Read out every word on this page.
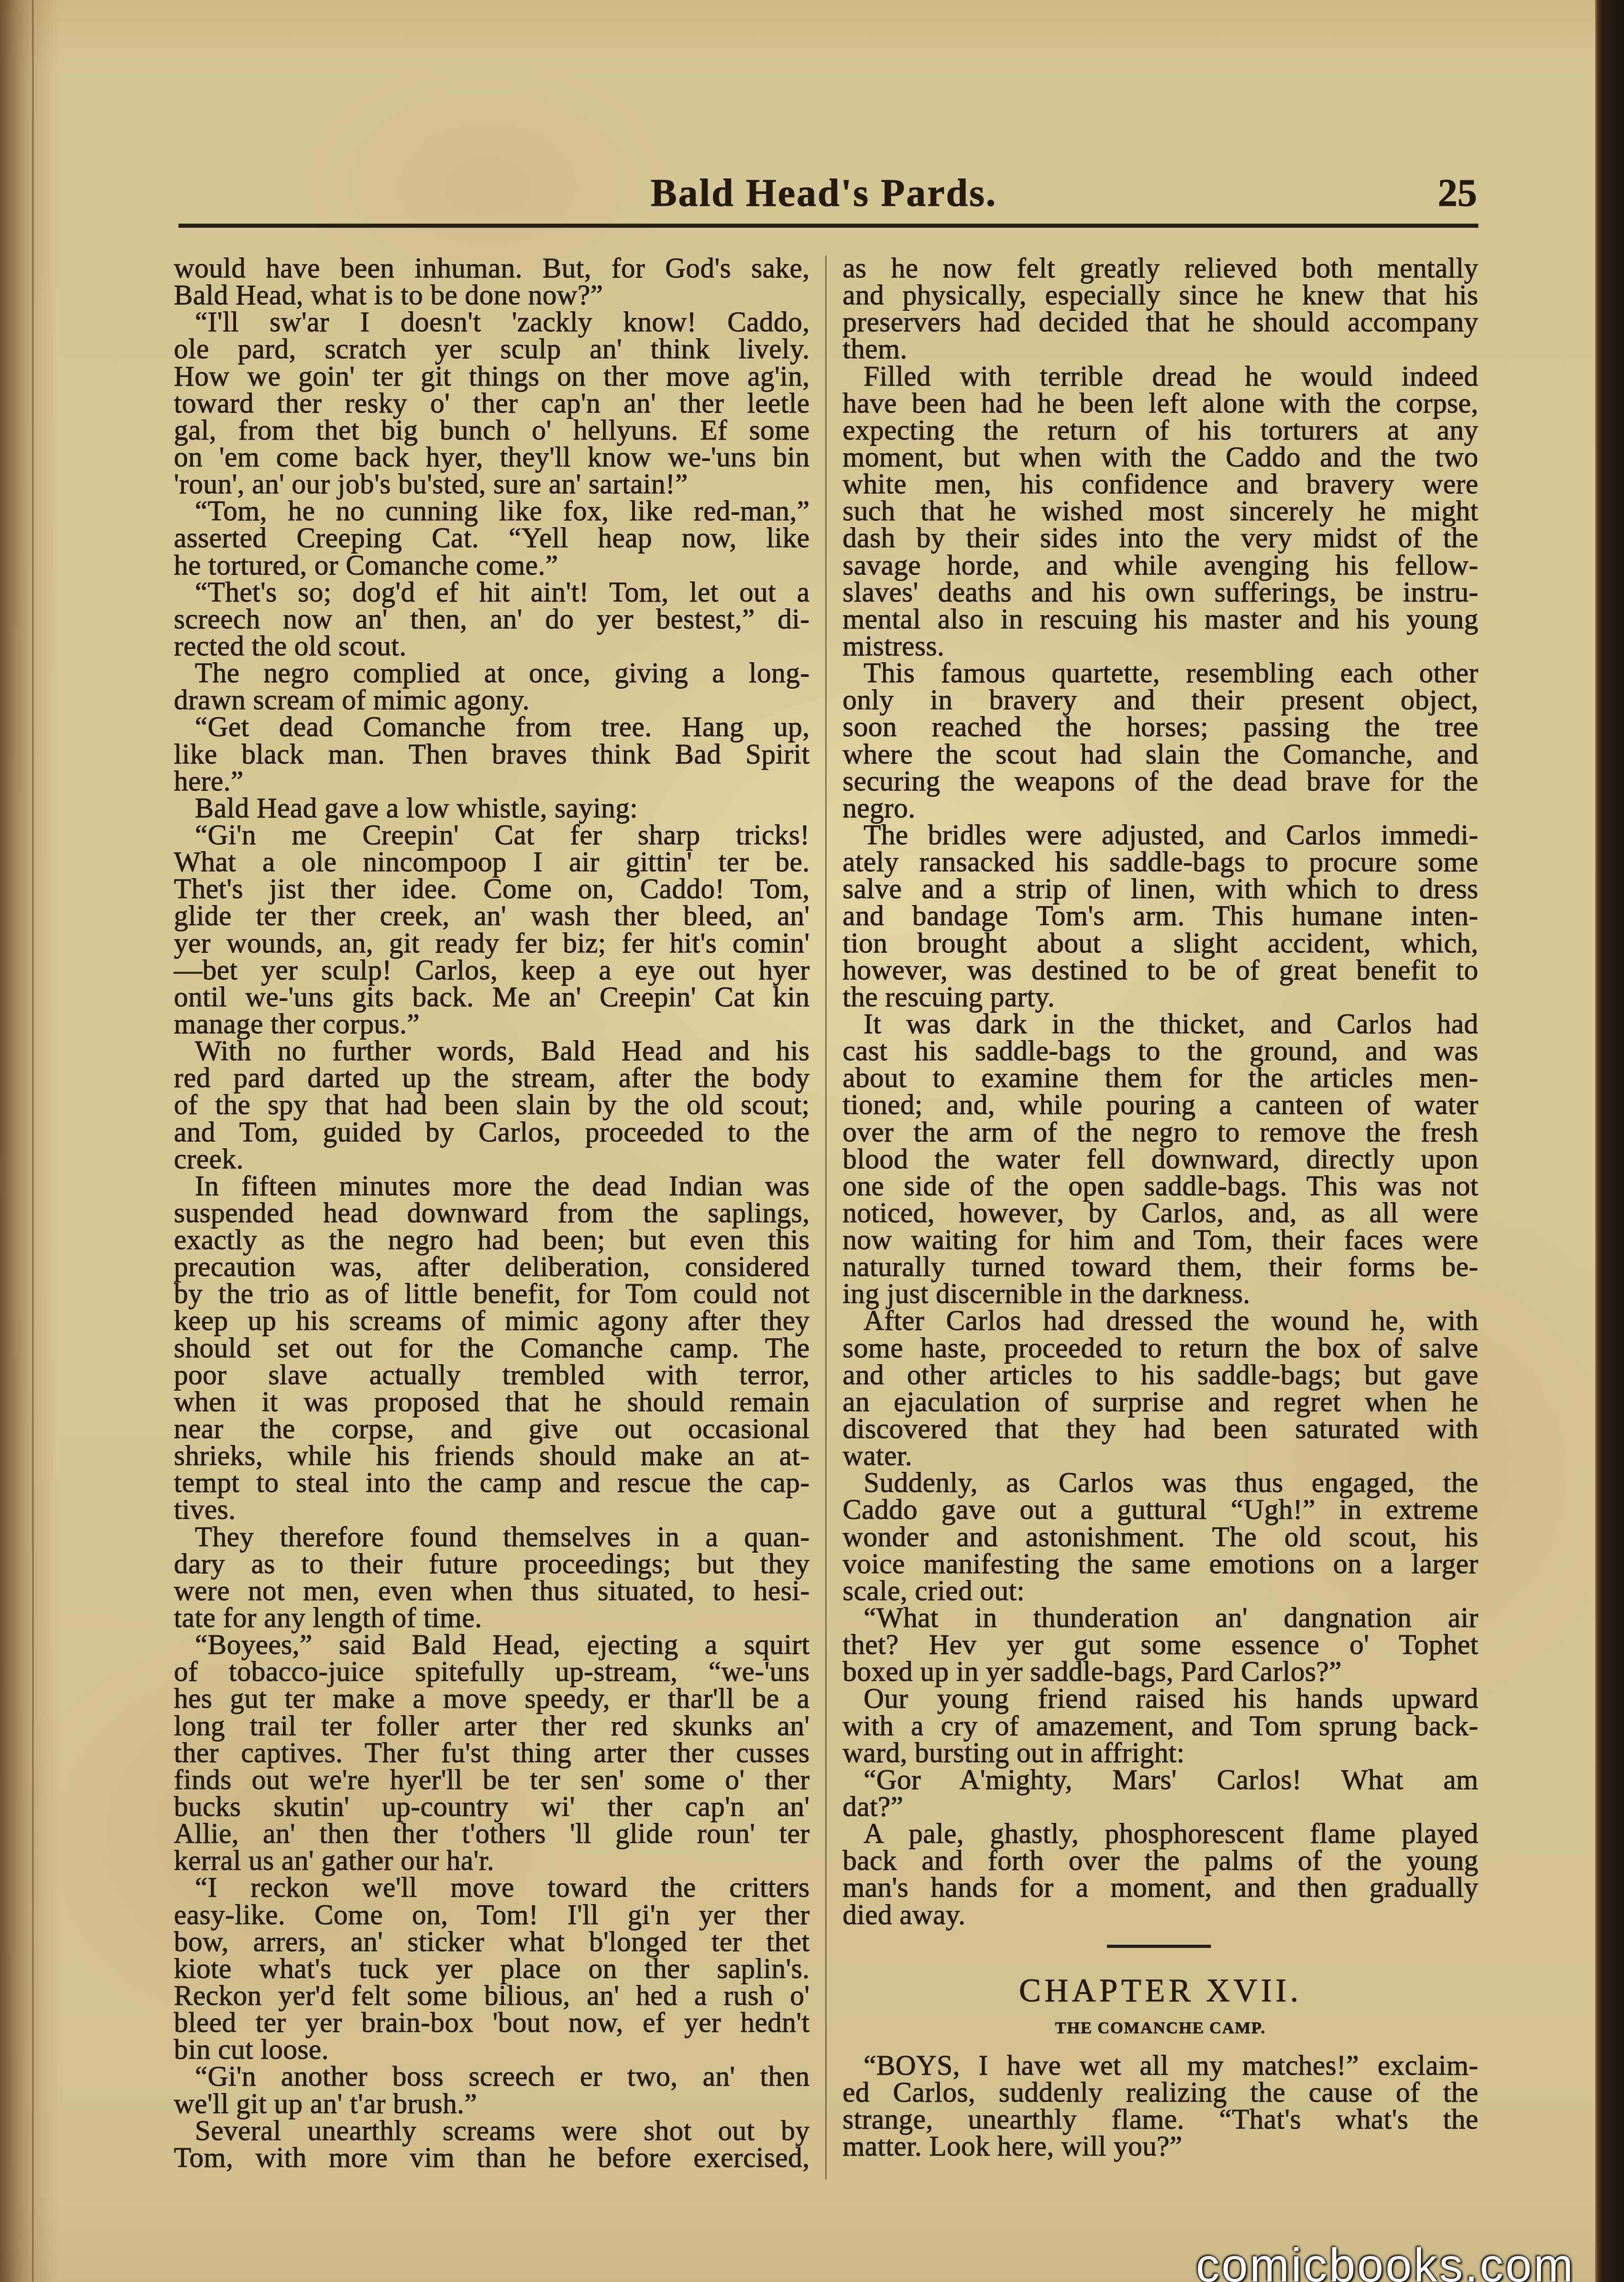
Bald Head's Pards.	25
would have been inhuman. But, for God's sake,
Bald Head, what is to be done now?”
“I'll sw'ar I doesn't 'zackly know! Caddo,
ole pard, scratch yer sculp an' think lively.
How we goin' ter git things on ther move ag'in,
toward ther resky o' ther cap'n an' ther leetle
gal, from thet big bunch o' hellyuns. Ef some
on 'em come back hyer, they'll know we-'uns bin
'roun', an' our job's bu'sted, sure an' sartain!”
“Tom, he no cunning like fox, like red-man,”
asserted Creeping Cat. “Yell heap now, like
he tortured, or Comanche come.”
“Thet's so; dog'd ef hit ain't! Tom, let out a
screech now an' then, an' do yer bestest,” di-
rected the old scout.
The negro complied at once, giving a long-
drawn scream of mimic agony.
“Get dead Comanche from tree. Hang up,
like black man. Then braves think Bad Spirit
here.”
Bald Head gave a low whistle, saying:
“Gi'n me Creepin' Cat fer sharp tricks!
What a ole nincompoop I air gittin' ter be.
Thet's jist ther idee. Come on, Caddo! Tom,
glide ter ther creek, an' wash ther bleed, an'
yer wounds, an, git ready fer biz; fer hit's comin'
—bet yer sculp! Carlos, keep a eye out hyer
ontil we-'uns gits back. Me an' Creepin' Cat kin
manage ther corpus.”
With no further words, Bald Head and his
red pard darted up the stream, after the body
of the spy that had been slain by the old scout;
and Tom, guided by Carlos, proceeded to the
creek.
In fifteen minutes more the dead Indian was
suspended head downward from the saplings,
exactly as the negro had been; but even this
precaution was, after deliberation, considered
by the trio as of little benefit, for Tom could not
keep up his screams of mimic agony after they
should set out for the Comanche camp. The
poor slave actually trembled with terror,
when it was proposed that he should remain
near the corpse, and give out occasional
shrieks, while his friends should make an at-
tempt to steal into the camp and rescue the cap-
tives.
They therefore found themselves in a quan-
dary as to their future proceedings; but they
were not men, even when thus situated, to hesi-
tate for any length of time.
“Boyees,” said Bald Head, ejecting a squirt
of tobacco-juice spitefully up-stream, “we-'uns
hes gut ter make a move speedy, er thar'll be a
long trail ter foller arter ther red skunks an'
ther captives. Ther fu'st thing arter ther cusses
finds out we're hyer'll be ter sen' some o' ther
bucks skutin' up-country wi' ther cap'n an'
Allie, an' then ther t'others 'll glide roun' ter
kerral us an' gather our ha'r.
“I reckon we'll move toward the critters
easy-like. Come on, Tom! I'll gi'n yer ther
bow, arrers, an' sticker what b'longed ter thet
kiote what's tuck yer place on ther saplin's.
Reckon yer'd felt some bilious, an' hed a rush o'
bleed ter yer brain-box 'bout now, ef yer hedn't
bin cut loose.
“Gi'n another boss screech er two, an' then
we'll git up an' t'ar brush.”
Several unearthly screams were shot out by
Tom, with more vim than he before exercised,
as he now felt greatly relieved both mentally
and physically, especially since he knew that his
preservers had decided that he should accompany
them.
Filled with terrible dread he would indeed
have been had he been left alone with the corpse,
expecting the return of his torturers at any
moment, but when with the Caddo and the two
white men, his confidence and bravery were
such that he wished most sincerely he might
dash by their sides into the very midst of the
savage horde, and while avenging his fellow-
slaves' deaths and his own sufferings, be instru-
mental also in rescuing his master and his young
mistress.
This famous quartette, resembling each other
only in bravery and their present object,
soon reached the horses; passing the tree
where the scout had slain the Comanche, and
securing the weapons of the dead brave for the
negro.
The bridles were adjusted, and Carlos immedi-
ately ransacked his saddle-bags to procure some
salve and a strip of linen, with which to dress
and bandage Tom's arm. This humane inten-
tion brought about a slight accident, which,
however, was destined to be of great benefit to
the rescuing party.
It was dark in the thicket, and Carlos had
cast his saddle-bags to the ground, and was
about to examine them for the articles men-
tioned; and, while pouring a canteen of water
over the arm of the negro to remove the fresh
blood the water fell downward, directly upon
one side of the open saddle-bags. This was not
noticed, however, by Carlos, and, as all were
now waiting for him and Tom, their faces were
naturally turned toward them, their forms be-
ing just discernible in the darkness.
After Carlos had dressed the wound he, with
some haste, proceeded to return the box of salve
and other articles to his saddle-bags; but gave
an ejaculation of surprise and regret when he
discovered that they had been saturated with
water.
Suddenly, as Carlos was thus engaged, the
Caddo gave out a guttural “Ugh!” in extreme
wonder and astonishment. The old scout, his
voice manifesting the same emotions on a larger
scale, cried out:
“What in thunderation an' dangnation air
thet? Hev yer gut some essence o' Tophet
boxed up in yer saddle-bags, Pard Carlos?”
Our young friend raised his hands upward
with a cry of amazement, and Tom sprung back-
ward, bursting out in affright:
“Gor A'mighty, Mars' Carlos! What am
dat?”
A pale, ghastly, phosphorescent flame played
back and forth over the palms of the young
man's hands for a moment, and then gradually
died away.
CHAPTER XVII.
THE COMANCHE CAMP.
“BOYS, I have wet all my matches!” exclaim-
ed Carlos, suddenly realizing the cause of the
strange, unearthly flame. “That's what's the
matter. Look here, will you?”
comicbooks.com
